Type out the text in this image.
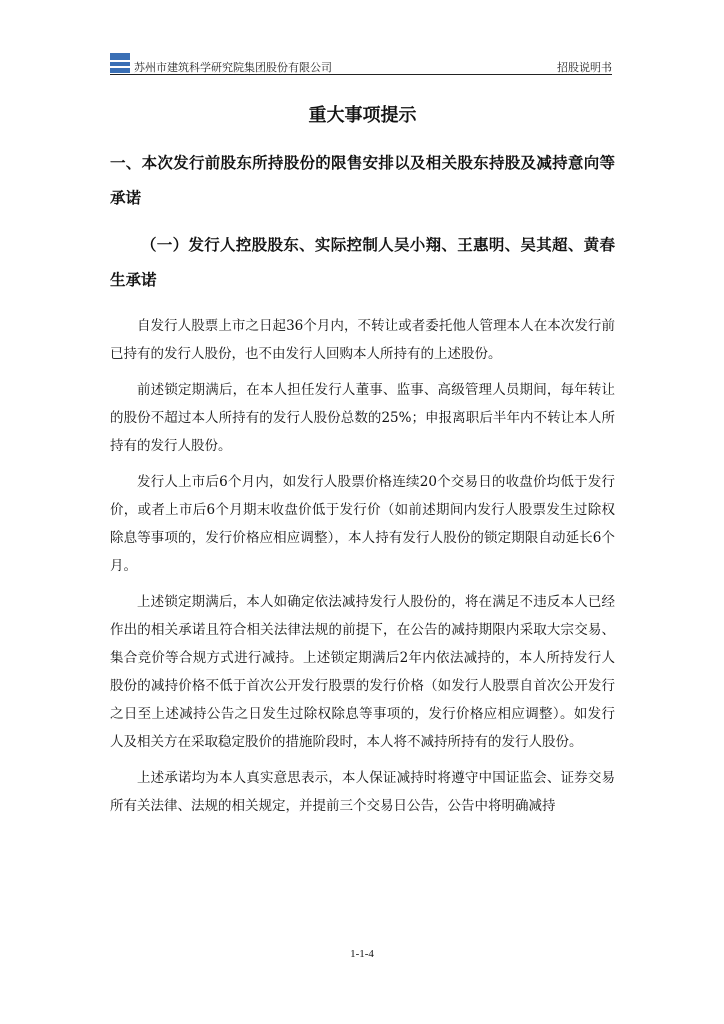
苏州市建筑科学研究院集团股份有限公司	招股说明书
重大事项提示
一、本次发行前股东所持股份的限售安排以及相关股东持股及减持意向等承诺
（一）发行人控股股东、实际控制人吴小翔、王惠明、吴其超、黄春生承诺

自发行人股票上市之日起36个月内，不转让或者委托他人管理本人在本次发行前已持有的发行人股份，也不由发行人回购本人所持有的上述股份。

前述锁定期满后，在本人担任发行人董事、监事、高级管理人员期间，每年转让的股份不超过本人所持有的发行人股份总数的25%；申报离职后半年内不转让本人所持有的发行人股份。

发行人上市后6个月内，如发行人股票价格连续20个交易日的收盘价均低于发行价，或者上市后6个月期末收盘价低于发行价（如前述期间内发行人股票发生过除权除息等事项的，发行价格应相应调整），本人持有发行人股份的锁定期限自动延长6个月。

上述锁定期满后，本人如确定依法减持发行人股份的，将在满足不违反本人已经作出的相关承诺且符合相关法律法规的前提下，在公告的减持期限内采取大宗交易、集合竞价等合规方式进行减持。上述锁定期满后2年内依法减持的，本人所持发行人股份的减持价格不低于首次公开发行股票的发行价格（如发行人股票自首次公开发行之日至上述减持公告之日发生过除权除息等事项的，发行价格应相应调整）。如发行人及相关方在采取稳定股价的措施阶段时，本人将不减持所持有的发行人股份。

上述承诺均为本人真实意思表示，本人保证减持时将遵守中国证监会、证券交易所有关法律、法规的相关规定，并提前三个交易日公告，公告中将明确减持

1-1-4
